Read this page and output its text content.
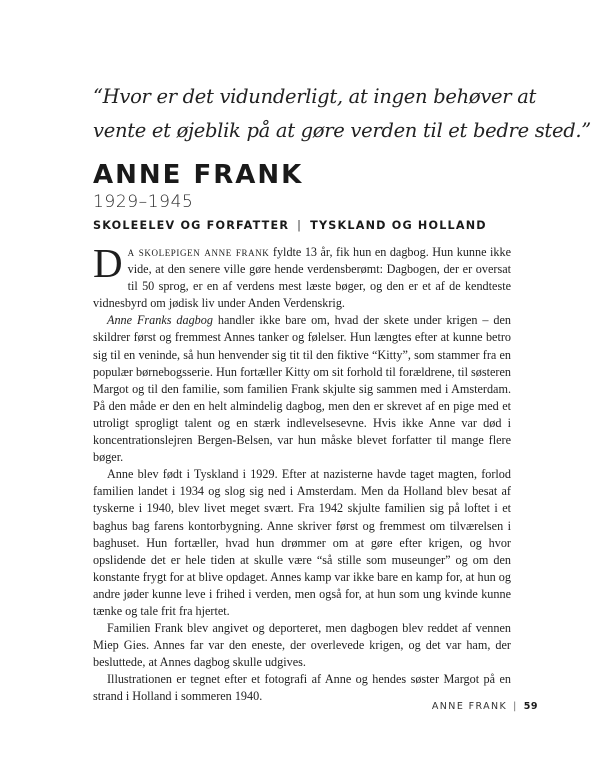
“Hvor er det vidunderligt, at ingen behøver at
vente et øjeblik på at gøre verden til et bedre sted.”
ANNE FRANK
1929–1945
SKOLEELEV OG FORFATTER | TYSKLAND OG HOLLAND

Da skolepigen anne frank fyldte 13 år, fik hun en dagbog. Hun kunne ikke vide, at den senere ville gøre hende verdensberømt: Dagbogen, der er oversat til 50 sprog, er en af verdens mest læste bøger, og den er et af de kendteste vidnesbyrd om jødisk liv under Anden Verdenskrig.

Anne Franks dagbog handler ikke bare om, hvad der skete under krigen – den skildrer først og fremmest Annes tanker og følelser. Hun længtes efter at kunne betro sig til en veninde, så hun henvender sig tit til den fiktive “Kitty”, som stammer fra en populær børnebogsserie. Hun fortæller Kitty om sit forhold til forældrene, til søsteren Margot og til den familie, som familien Frank skjulte sig sammen med i Amsterdam. På den måde er den en helt almindelig dagbog, men den er skrevet af en pige med et utroligt sprogligt talent og en stærk indlevelsesevne. Hvis ikke Anne var død i koncentrationslejren Bergen-Belsen, var hun måske blevet forfatter til mange flere bøger.

Anne blev født i Tyskland i 1929. Efter at nazisterne havde taget magten, forlod familien landet i 1934 og slog sig ned i Amsterdam. Men da Holland blev besat af tyskerne i 1940, blev livet meget svært. Fra 1942 skjulte familien sig på loftet i et baghus bag farens kontorbygning. Anne skriver først og fremmest om tilværelsen i baghuset. Hun fortæller, hvad hun drømmer om at gøre efter krigen, og hvor opslidende det er hele tiden at skulle være “så stille som museunger” og om den konstante frygt for at blive opdaget. Annes kamp var ikke bare en kamp for, at hun og andre jøder kunne leve i frihed i verden, men også for, at hun som ung kvinde kunne tænke og tale frit fra hjertet.

Familien Frank blev angivet og deporteret, men dagbogen blev reddet af vennen Miep Gies. Annes far var den eneste, der overlevede krigen, og det var ham, der besluttede, at Annes dagbog skulle udgives.

Illustrationen er tegnet efter et fotografi af Anne og hendes søster Margot på en strand i Holland i sommeren 1940.

ANNE FRANK | 59
